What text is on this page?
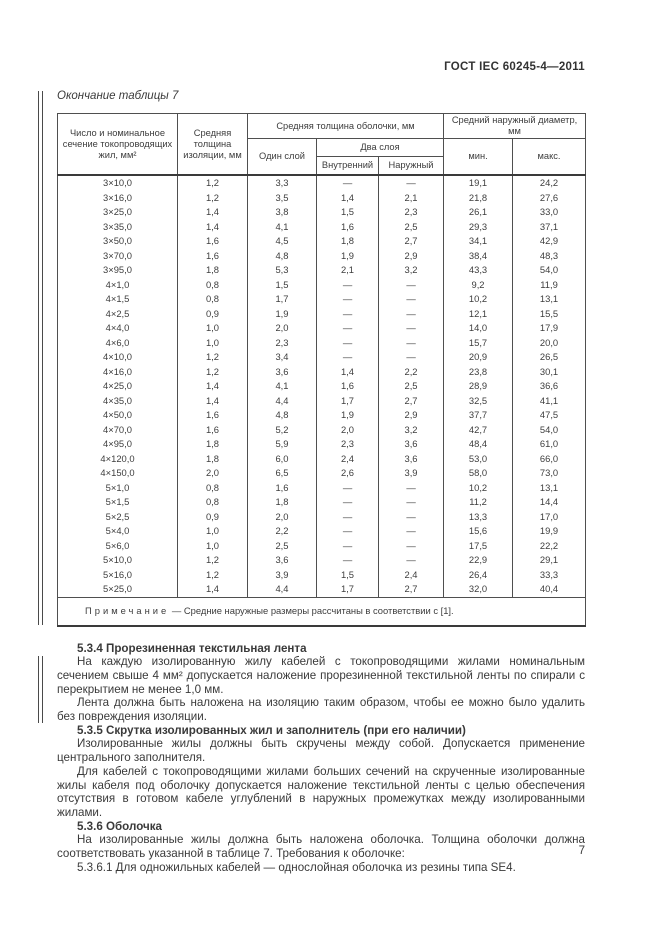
ГОСТ IEC 60245-4—2011

Окончание таблицы 7

Число и номинальное сечение токопроводящих жил, мм²	Средняя толщина изоляции, мм	Средняя толщина оболочки, мм			Средний наружный диаметр, мм	
		Один слой	Два слоя		мин.	макс.
			Внутренний	Наружный		
3×10,0	1,2	3,3	—	—	19,1	24,2
3×16,0	1,2	3,5	1,4	2,1	21,8	27,6
3×25,0	1,4	3,8	1,5	2,3	26,1	33,0
3×35,0	1,4	4,1	1,6	2,5	29,3	37,1
3×50,0	1,6	4,5	1,8	2,7	34,1	42,9
3×70,0	1,6	4,8	1,9	2,9	38,4	48,3
3×95,0	1,8	5,3	2,1	3,2	43,3	54,0
4×1,0	0,8	1,5	—	—	9,2	11,9
4×1,5	0,8	1,7	—	—	10,2	13,1
4×2,5	0,9	1,9	—	—	12,1	15,5
4×4,0	1,0	2,0	—	—	14,0	17,9
4×6,0	1,0	2,3	—	—	15,7	20,0
4×10,0	1,2	3,4	—	—	20,9	26,5
4×16,0	1,2	3,6	1,4	2,2	23,8	30,1
4×25,0	1,4	4,1	1,6	2,5	28,9	36,6
4×35,0	1,4	4,4	1,7	2,7	32,5	41,1
4×50,0	1,6	4,8	1,9	2,9	37,7	47,5
4×70,0	1,6	5,2	2,0	3,2	42,7	54,0
4×95,0	1,8	5,9	2,3	3,6	48,4	61,0
4×120,0	1,8	6,0	2,4	3,6	53,0	66,0
4×150,0	2,0	6,5	2,6	3,9	58,0	73,0
5×1,0	0,8	1,6	—	—	10,2	13,1
5×1,5	0,8	1,8	—	—	11,2	14,4
5×2,5	0,9	2,0	—	—	13,3	17,0
5×4,0	1,0	2,2	—	—	15,6	19,9
5×6,0	1,0	2,5	—	—	17,5	22,2
5×10,0	1,2	3,6	—	—	22,9	29,1
5×16,0	1,2	3,9	1,5	2,4	26,4	33,3
5×25,0	1,4	4,4	1,7	2,7	32,0	40,4
Примечание — Средние наружные размеры рассчитаны в соответствии с [1].						

5.3.4 Прорезиненная текстильная лента

На каждую изолированную жилу кабелей с токопроводящими жилами номинальным сечением свыше 4 мм² допускается наложение прорезиненной текстильной ленты по спирали с перекрытием не менее 1,0 мм.

Лента должна быть наложена на изоляцию таким образом, чтобы ее можно было удалить без повреждения изоляции.

5.3.5 Скрутка изолированных жил и заполнитель (при его наличии)

Изолированные жилы должны быть скручены между собой. Допускается применение центрального заполнителя.

Для кабелей с токопроводящими жилами больших сечений на скрученные изолированные жилы кабеля под оболочку допускается наложение текстильной ленты с целью обеспечения отсутствия в готовом кабеле углублений в наружных промежутках между изолированными жилами.

5.3.6 Оболочка

На изолированные жилы должна быть наложена оболочка. Толщина оболочки должна соответствовать указанной в таблице 7. Требования к оболочке:

5.3.6.1 Для одножильных кабелей — однослойная оболочка из резины типа SE4.

7
